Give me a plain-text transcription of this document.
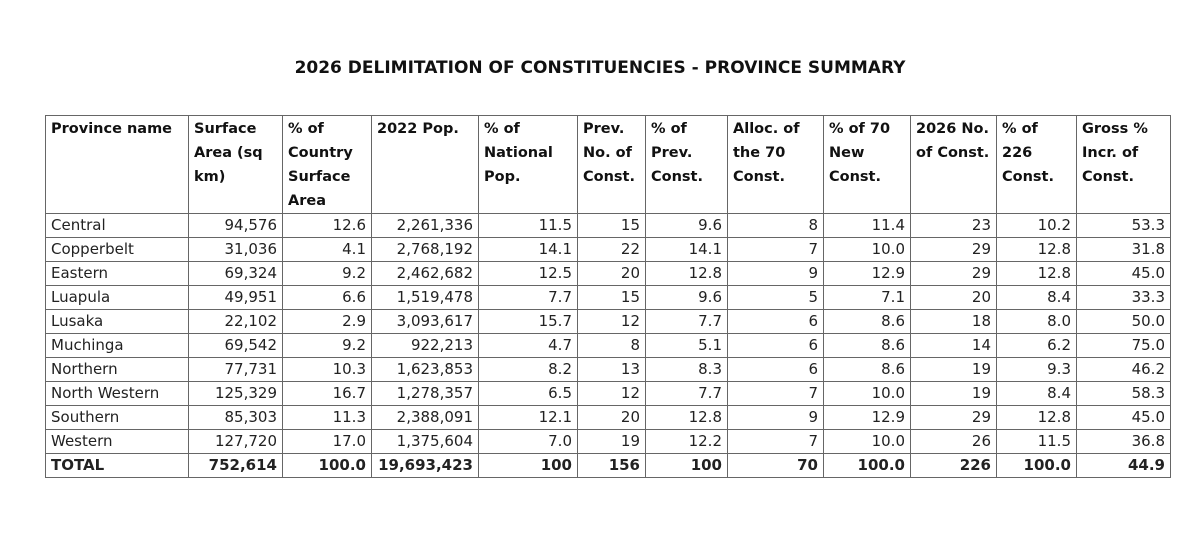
2026 DELIMITATION OF CONSTITUENCIES - PROVINCE SUMMARY
Province name	Surface Area (sq km)	% of Country Surface Area	2022 Pop.	% of National Pop.	Prev. No. of Const.	% of Prev. Const.	Alloc. of the 70 Const.	% of 70 New Const.	2026 No. of Const.	% of 226 Const.	Gross % Incr. of Const.
Central	94,576	12.6	2,261,336	11.5	15	9.6	8	11.4	23	10.2	53.3
Copperbelt	31,036	4.1	2,768,192	14.1	22	14.1	7	10.0	29	12.8	31.8
Eastern	69,324	9.2	2,462,682	12.5	20	12.8	9	12.9	29	12.8	45.0
Luapula	49,951	6.6	1,519,478	7.7	15	9.6	5	7.1	20	8.4	33.3
Lusaka	22,102	2.9	3,093,617	15.7	12	7.7	6	8.6	18	8.0	50.0
Muchinga	69,542	9.2	922,213	4.7	8	5.1	6	8.6	14	6.2	75.0
Northern	77,731	10.3	1,623,853	8.2	13	8.3	6	8.6	19	9.3	46.2
North Western	125,329	16.7	1,278,357	6.5	12	7.7	7	10.0	19	8.4	58.3
Southern	85,303	11.3	2,388,091	12.1	20	12.8	9	12.9	29	12.8	45.0
Western	127,720	17.0	1,375,604	7.0	19	12.2	7	10.0	26	11.5	36.8
TOTAL	752,614	100.0	19,693,423	100	156	100	70	100.0	226	100.0	44.9
